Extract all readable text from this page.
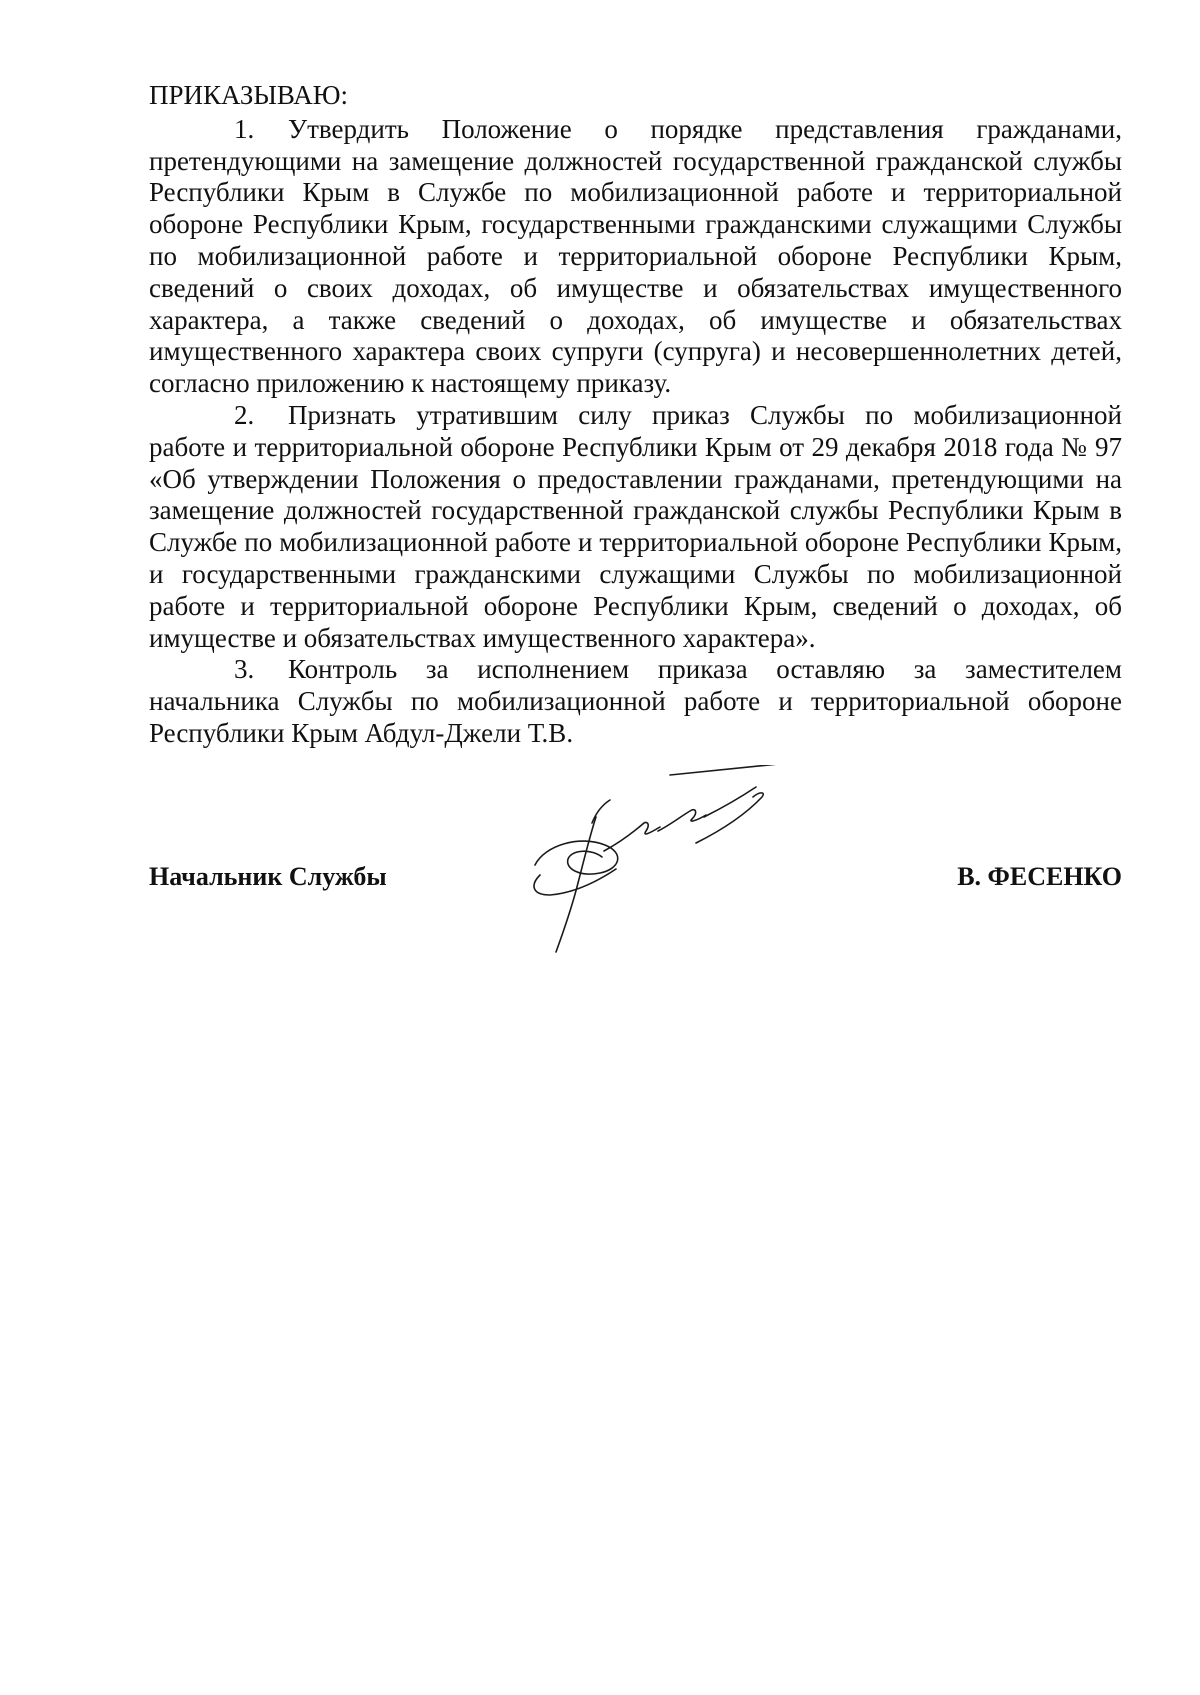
ПРИКАЗЫВАЮ:

1. Утвердить Положение о порядке представления гражданами, претендующими на замещение должностей государственной гражданской службы Республики Крым в Службе по мобилизационной работе и территориальной обороне Республики Крым, государственными гражданскими служащими Службы по мобилизационной работе и территориальной обороне Республики Крым, сведений о своих доходах, об имуществе и обязательствах имущественного характера, а также сведений о доходах, об имуществе и обязательствах имущественного характера своих супруги (супруга) и несовершеннолетних детей, согласно приложению к настоящему приказу.

2. Признать утратившим силу приказ Службы по мобилизационной работе и территориальной обороне Республики Крым от 29 декабря 2018 года № 97 «Об утверждении Положения о предоставлении гражданами, претендующими на замещение должностей государственной гражданской службы Республики Крым в Службе по мобилизационной работе и территориальной обороне Республики Крым, и государственными гражданскими служащими Службы по мобилизационной работе и территориальной обороне Республики Крым, сведений о доходах, об имуществе и обязательствах имущественного характера».

3. Контроль за исполнением приказа оставляю за заместителем начальника Службы по мобилизационной работе и территориальной обороне Республики Крым Абдул-Джели Т.В.

Начальник Службы	В. ФЕСЕНКО
